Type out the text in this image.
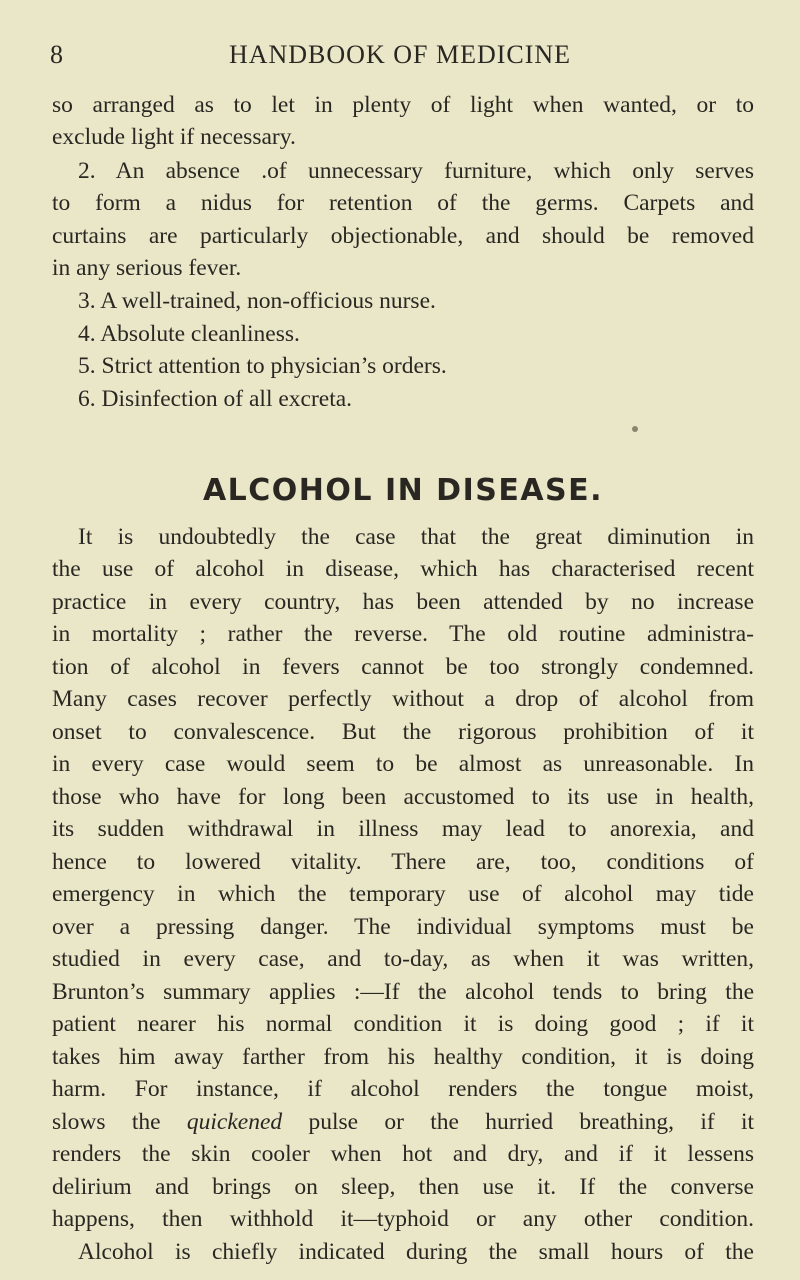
8	HANDBOOK OF MEDICINE
so arranged as to let in plenty of light when wanted, or to
exclude light if necessary.
2. An absence .of unnecessary furniture, which only serves
to form a nidus for retention of the germs. Carpets and
curtains are particularly objectionable, and should be removed
in any serious fever.
3. A well-trained, non-officious nurse.
4. Absolute cleanliness.
5. Strict attention to physician’s orders.
6. Disinfection of all excreta.
ALCOHOL IN DISEASE.
It is undoubtedly the case that the great diminution in
the use of alcohol in disease, which has characterised recent
practice in every country, has been attended by no increase
in mortality ; rather the reverse. The old routine administra-
tion of alcohol in fevers cannot be too strongly condemned.
Many cases recover perfectly without a drop of alcohol from
onset to convalescence. But the rigorous prohibition of it
in every case would seem to be almost as unreasonable. In
those who have for long been accustomed to its use in health,
its sudden withdrawal in illness may lead to anorexia, and
hence to lowered vitality. There are, too, conditions of
emergency in which the temporary use of alcohol may tide
over a pressing danger. The individual symptoms must be
studied in every case, and to-day, as when it was written,
Brunton’s summary applies :—If the alcohol tends to bring the
patient nearer his normal condition it is doing good ; if it
takes him away farther from his healthy condition, it is doing
harm. For instance, if alcohol renders the tongue moist,
slows the quickened pulse or the hurried breathing, if it
renders the skin cooler when hot and dry, and if it lessens
delirium and brings on sleep, then use it. If the converse
happens, then withhold it—typhoid or any other condition.
Alcohol is chiefly indicated during the small hours of the
